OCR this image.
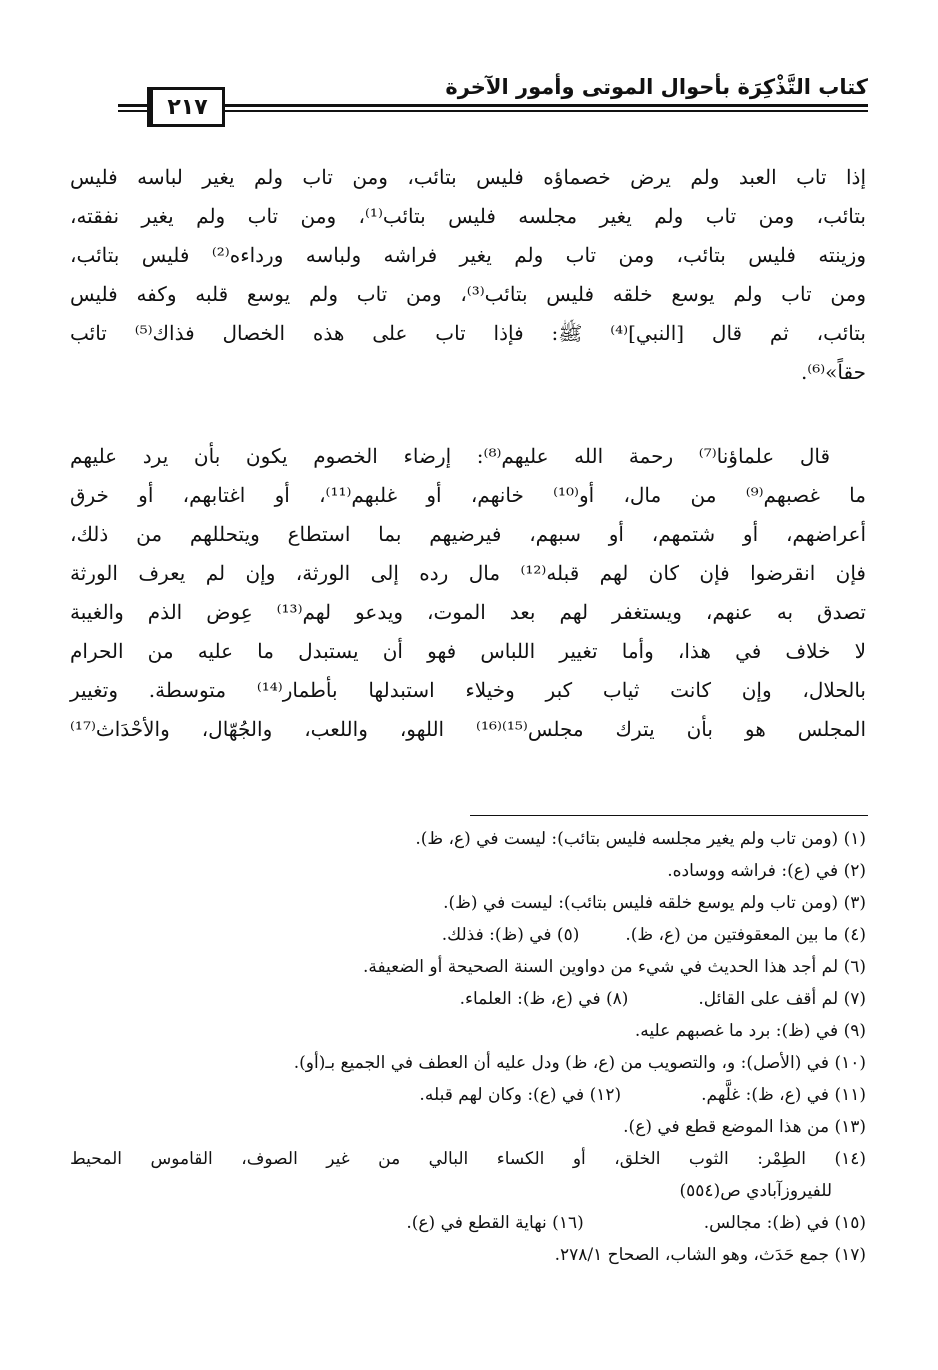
كتاب التَّذْكِرَة بأحوال الموتى وأمور الآخرة
٢١٧
إذا تاب العبد ولم يرض خصماؤه فليس بتائب، ومن تاب ولم يغير لباسه فليس
بتائب، ومن تاب ولم يغير مجلسه فليس بتائب⁽¹⁾، ومن تاب ولم يغير نفقته،
وزينته فليس بتائب، ومن تاب ولم يغير فراشه ولباسه ورداءه⁽²⁾ فليس بتائب،
ومن تاب ولم يوسع خلقه فليس بتائب⁽³⁾، ومن تاب ولم يوسع قلبه وكفه فليس
بتائب، ثم قال [النبي]⁽⁴⁾ ﷺ: فإذا تاب على هذه الخصال فذاك⁽⁵⁾ تائب
حقاً»⁽⁶⁾.
قال علماؤنا⁽⁷⁾ رحمة الله عليهم⁽⁸⁾: إرضاء الخصوم يكون بأن يرد عليهم
ما غصبهم⁽⁹⁾ من مال، أو⁽¹⁰⁾ خانهم، أو غلبهم⁽¹¹⁾، أو اغتابهم، أو خرق
أعراضهم، أو شتمهم، أو سبهم، فيرضيهم بما استطاع ويتحللهم من ذلك،
فإن انقرضوا فإن كان لهم قبله⁽¹²⁾ مال رده إلى الورثة، وإن لم يعرف الورثة
تصدق به عنهم، ويستغفر لهم بعد الموت، ويدعو لهم⁽¹³⁾ عِوض الذم والغيبة
لا خلاف في هذا، وأما تغيير اللباس فهو أن يستبدل ما عليه من الحرام
بالحلال، وإن كانت ثياب كبر وخيلاء استبدلها بأطمار⁽¹⁴⁾ متوسطة. وتغيير
المجلس هو بأن يترك مجلس⁽¹⁵⁾⁽¹⁶⁾ اللهو، واللعب، والجُهّال، والأحْدَاث⁽¹⁷⁾
(١) (ومن تاب ولم يغير مجلسه فليس بتائب): ليست في (ع، ظ).
(٢) في (ع): فراشه ووساده.
(٣) (ومن تاب ولم يوسع خلقه فليس بتائب): ليست في (ظ).
(٤) ما بين المعقوفتين من (ع، ظ).
(٥) في (ظ): فذلك.
(٦) لم أجد هذا الحديث في شيء من دواوين السنة الصحيحة أو الضعيفة.
(٧) لم أقف على القائل.
(٨) في (ع، ظ): العلماء.
(٩) في (ظ): برد ما غصبهم عليه.
(١٠) في (الأصل): و، والتصويب من (ع، ظ) ودل عليه أن العطف في الجميع بـ(أو).
(١١) في (ع، ظ): غلَّهم.
(١٢) في (ع): وكان لهم قبله.
(١٣) من هذا الموضع قطع في (ع).
(١٤) الطِمْر: الثوب الخلق، أو الكساء البالي من غير الصوف، القاموس المحيط
للفيروزآبادي ص(٥٥٤)
(١٥) في (ظ): مجالس.
(١٦) نهاية القطع في (ع).
(١٧) جمع حَدَث، وهو الشاب، الصحاح ٢٧٨/١.
